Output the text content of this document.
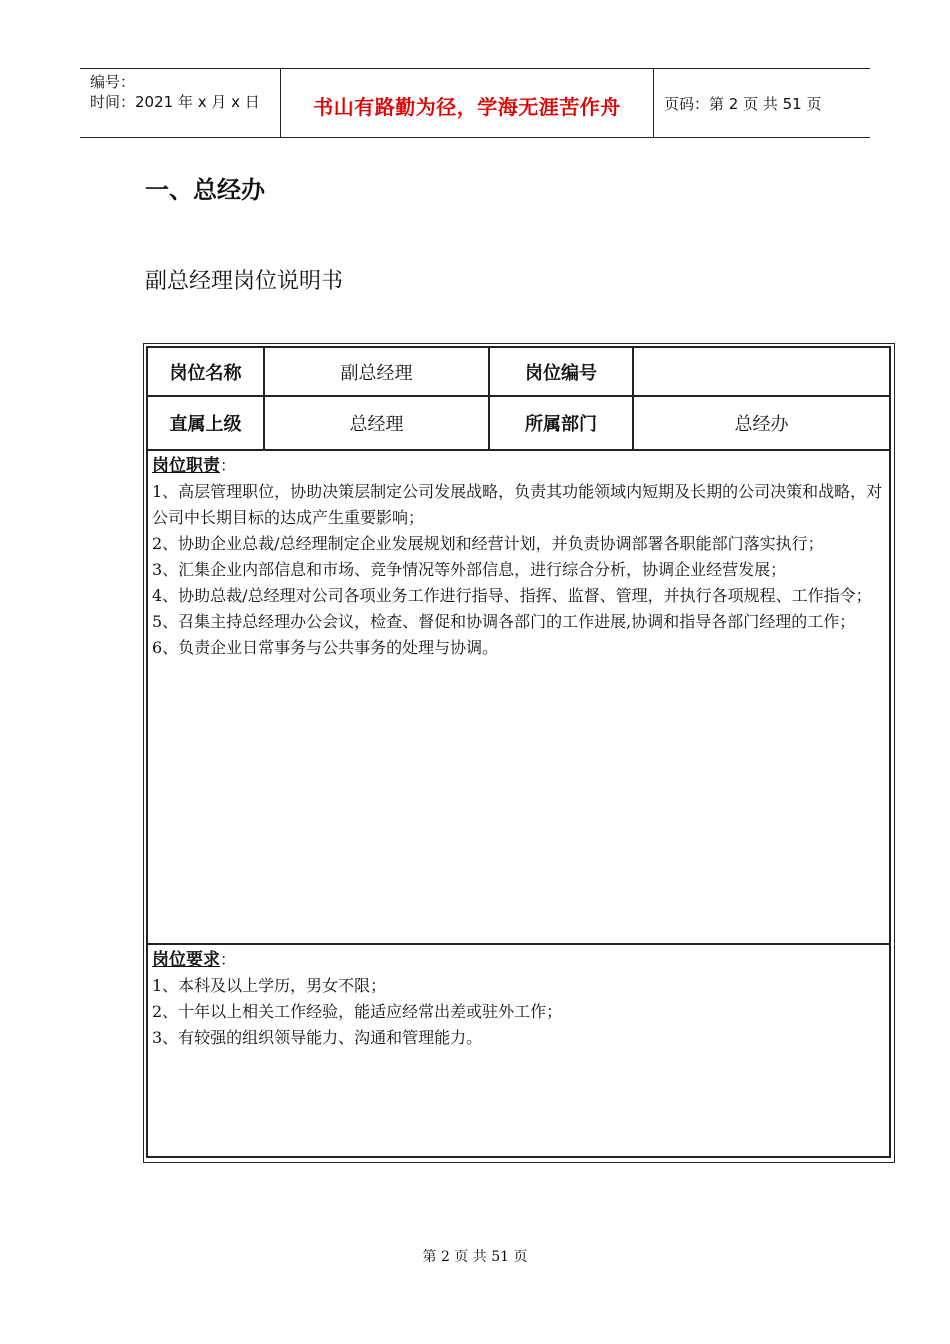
编号：
时间：2021 年 x 月 x 日	书山有路勤为径，学海无涯苦作舟	页码：第 2 页 共 51 页
一、总经办
副总经理岗位说明书
岗位名称	副总经理	岗位编号
直属上级	总经理	所属部门	总经办

岗位职责：

1、高层管理职位，协助决策层制定公司发展战略，负责其功能领域内短期及长期的公司决策和战略，对公司中长期目标的达成产生重要影响；

2、协助企业总裁/总经理制定企业发展规划和经营计划，并负责协调部署各职能部门落实执行；

3、汇集企业内部信息和市场、竞争情况等外部信息，进行综合分析，协调企业经营发展；

4、协助总裁/总经理对公司各项业务工作进行指导、指挥、监督、管理，并执行各项规程、工作指令；

5、召集主持总经理办公会议，检查、督促和协调各部门的工作进展,协调和指导各部门经理的工作；

6、负责企业日常事务与公共事务的处理与协调。

岗位要求：

1、本科及以上学历，男女不限；

2、十年以上相关工作经验，能适应经常出差或驻外工作；

3、有较强的组织领导能力、沟通和管理能力。

第 2 页 共 51 页
